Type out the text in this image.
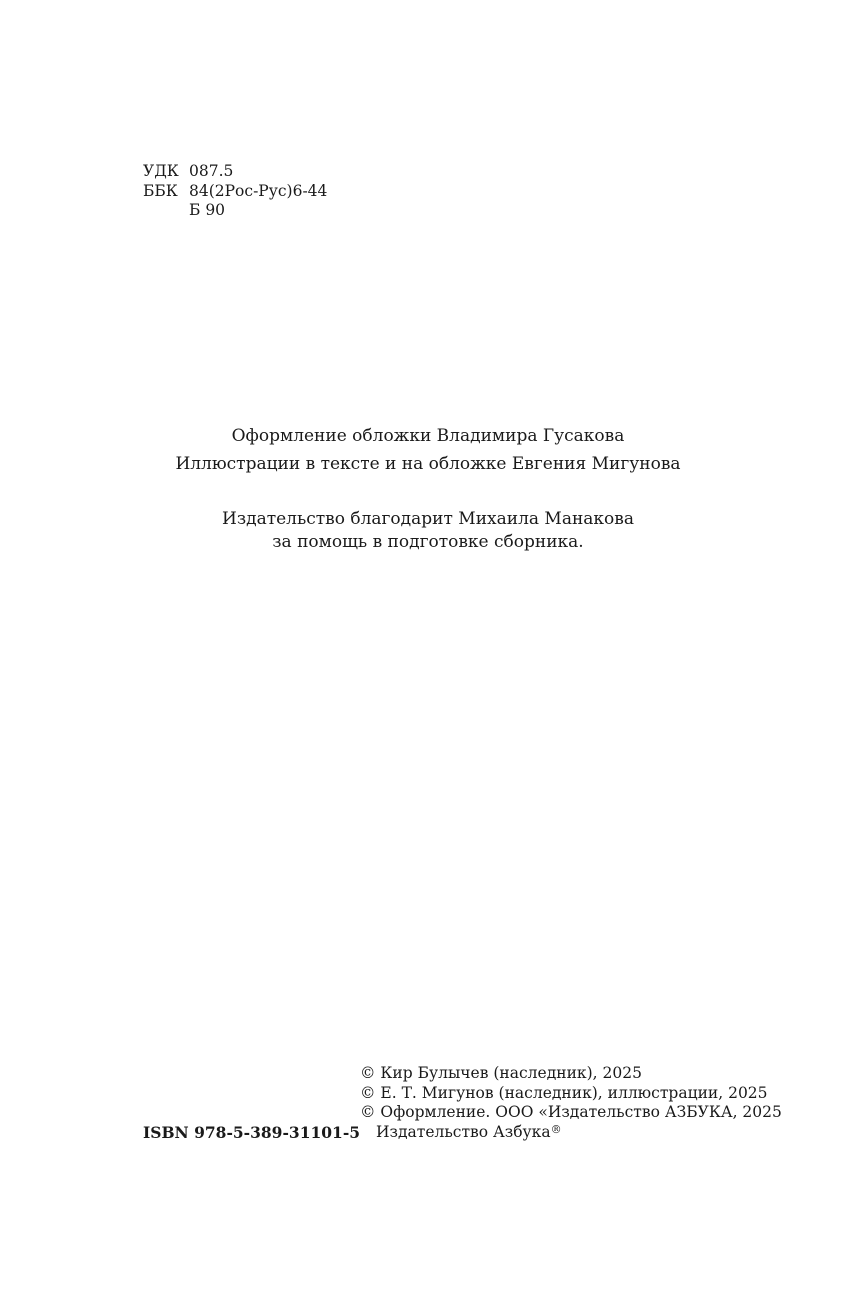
УДК 087.5
ББК 84(2Рос-Рус)6-44
Б 90
Оформление обложки Владимира Гусакова
Иллюстрации в тексте и на обложке Евгения Мигунова
Издательство благодарит Михаила Манакова
за помощь в подготовке сборника.
ISBN 978-5-389-31101-5
© Кир Булычев (наследник), 2025
© Е. Т. Мигунов (наследник), иллюстрации, 2025
© Оформление. ООО «Издательство АЗБУКА, 2025
Издательство Азбука®
